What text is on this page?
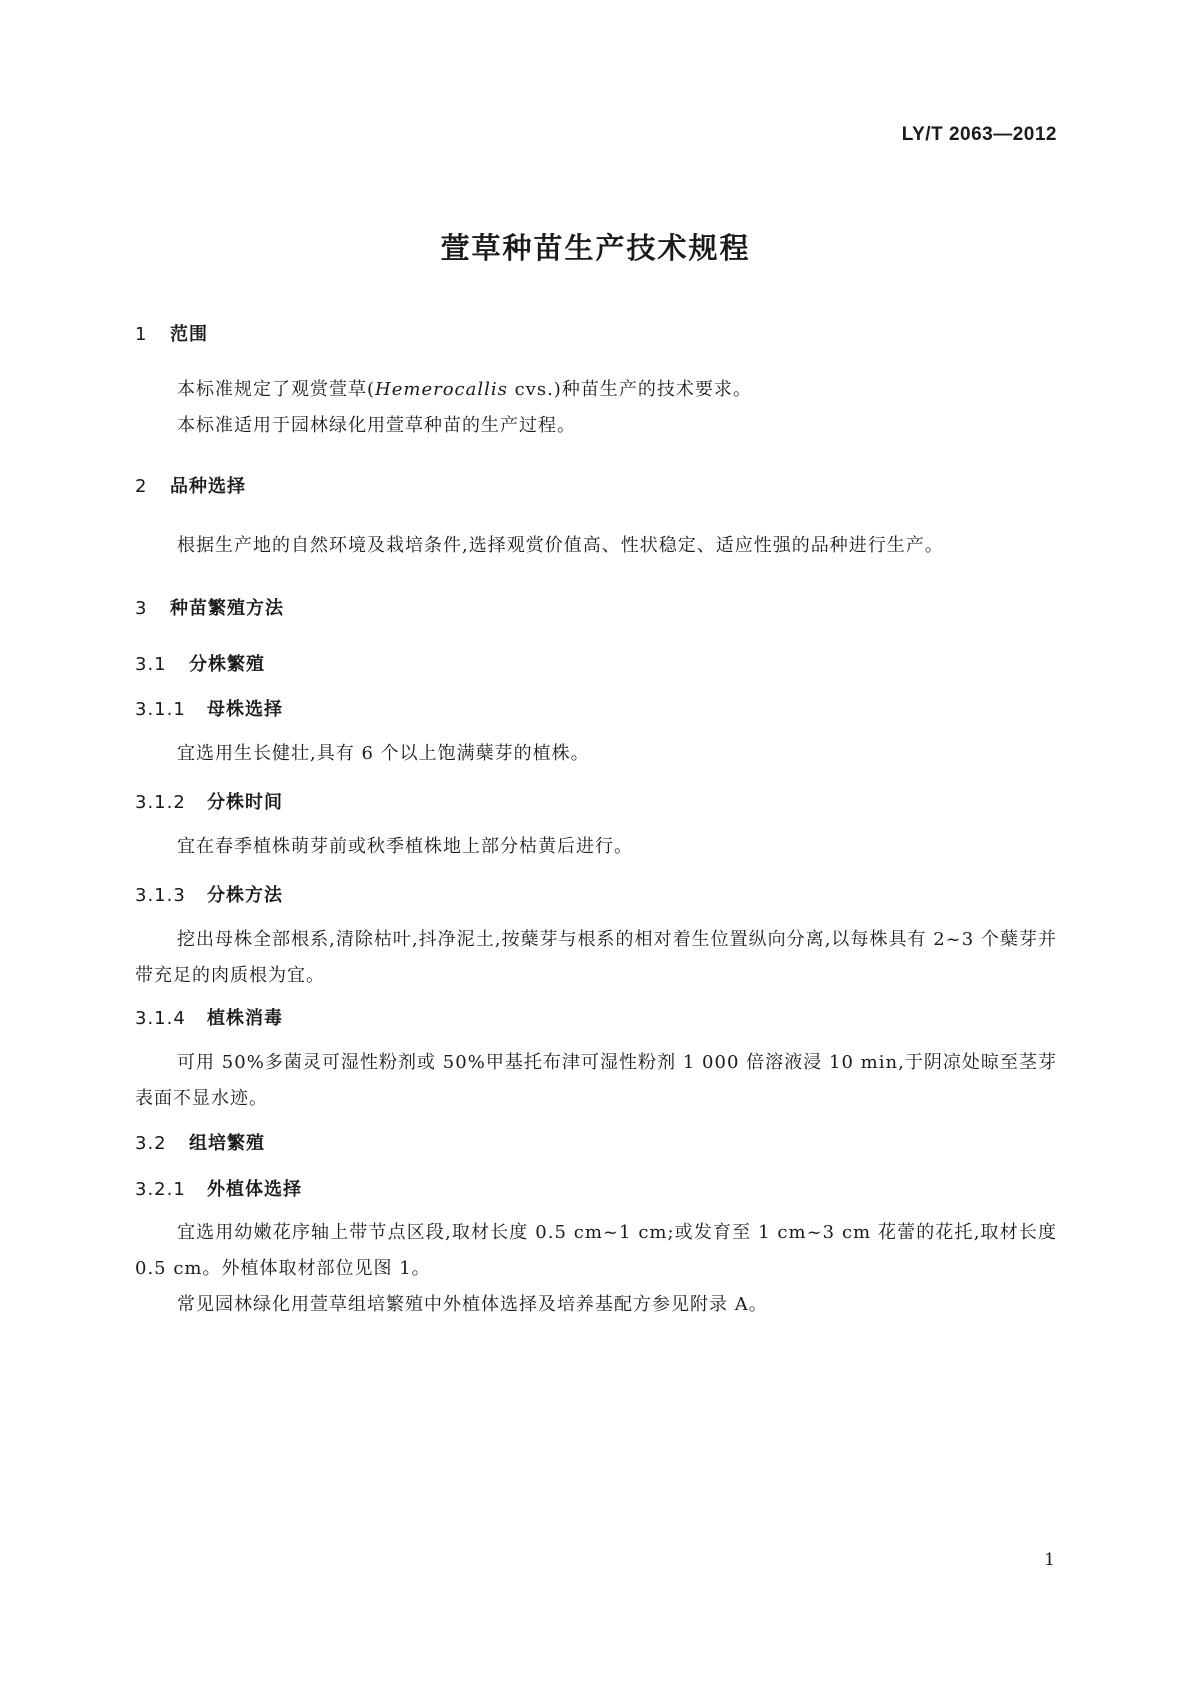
LY/T 2063—2012
萱草种苗生产技术规程
1 范围
本标准规定了观赏萱草(Hemerocallis cvs.)种苗生产的技术要求。
本标准适用于园林绿化用萱草种苗的生产过程。
2 品种选择
根据生产地的自然环境及栽培条件,选择观赏价值高、性状稳定、适应性强的品种进行生产。
3 种苗繁殖方法
3.1 分株繁殖
3.1.1 母株选择
宜选用生长健壮,具有 6 个以上饱满蘖芽的植株。
3.1.2 分株时间
宜在春季植株萌芽前或秋季植株地上部分枯黄后进行。
3.1.3 分株方法
挖出母株全部根系,清除枯叶,抖净泥土,按蘖芽与根系的相对着生位置纵向分离,以每株具有 2~3 个蘖芽并带充足的肉质根为宜。
3.1.4 植株消毒
可用 50%多菌灵可湿性粉剂或 50%甲基托布津可湿性粉剂 1 000 倍溶液浸 10 min,于阴凉处晾至茎芽表面不显水迹。
3.2 组培繁殖
3.2.1 外植体选择
宜选用幼嫩花序轴上带节点区段,取材长度 0.5 cm~1 cm;或发育至 1 cm~3 cm 花蕾的花托,取材长度 0.5 cm。外植体取材部位见图 1。
常见园林绿化用萱草组培繁殖中外植体选择及培养基配方参见附录 A。
1
